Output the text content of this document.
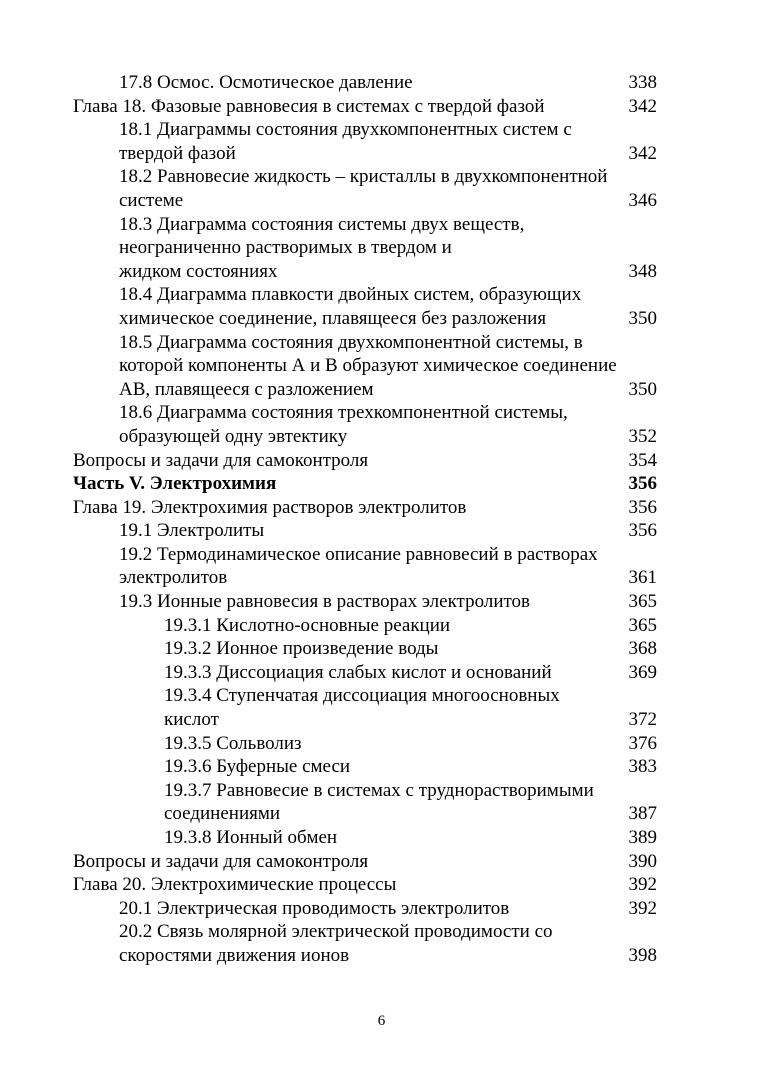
17.8 Осмос. Осмотическое давление	338
Глава 18. Фазовые равновесия в системах с твердой фазой	342
18.1 Диаграммы состояния двухкомпонентных систем с
твердой фазой	342
18.2 Равновесие жидкость – кристаллы в двухкомпонентной
системе	346
18.3 Диаграмма состояния системы двух веществ,
неограниченно растворимых в твердом и
жидком состояниях	348
18.4 Диаграмма плавкости двойных систем, образующих
химическое соединение, плавящееся без разложения	350
18.5 Диаграмма состояния двухкомпонентной системы, в
которой компоненты А и В образуют химическое соединение
АВ, плавящееся с разложением	350
18.6 Диаграмма состояния трехкомпонентной системы,
образующей одну эвтектику	352
Вопросы и задачи для самоконтроля	354
Часть V. Электрохимия	356
Глава 19. Электрохимия растворов электролитов	356
19.1 Электролиты	356
19.2 Термодинамическое описание равновесий в растворах
электролитов	361
19.3 Ионные равновесия в растворах электролитов	365
19.3.1 Кислотно-основные реакции	365
19.3.2 Ионное произведение воды	368
19.3.3 Диссоциация слабых кислот и оснований	369
19.3.4 Ступенчатая диссоциация многоосновных
кислот	372
19.3.5 Сольволиз	376
19.3.6 Буферные смеси	383
19.3.7 Равновесие в системах с труднорастворимыми
соединениями	387
19.3.8 Ионный обмен	389
Вопросы и задачи для самоконтроля	390
Глава 20. Электрохимические процессы	392
20.1 Электрическая проводимость электролитов	392
20.2 Связь молярной электрической проводимости со
скоростями движения ионов	398
6
